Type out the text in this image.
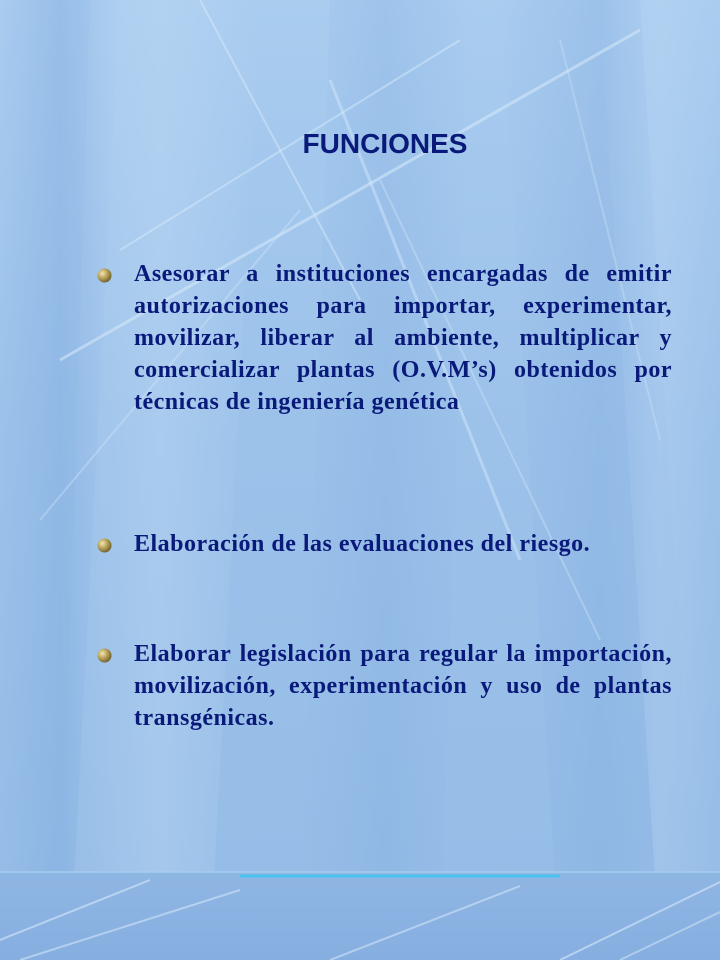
FUNCIONES

Asesorar a instituciones encargadas de emitir autorizaciones para importar, experimentar, movilizar, liberar al ambiente, multiplicar y comercializar plantas (O.V.M’s) obtenidos por técnicas de ingeniería genética

Elaboración de las evaluaciones del riesgo.

Elaborar legislación para regular la importación, movilización, experimentación y uso de plantas transgénicas.
